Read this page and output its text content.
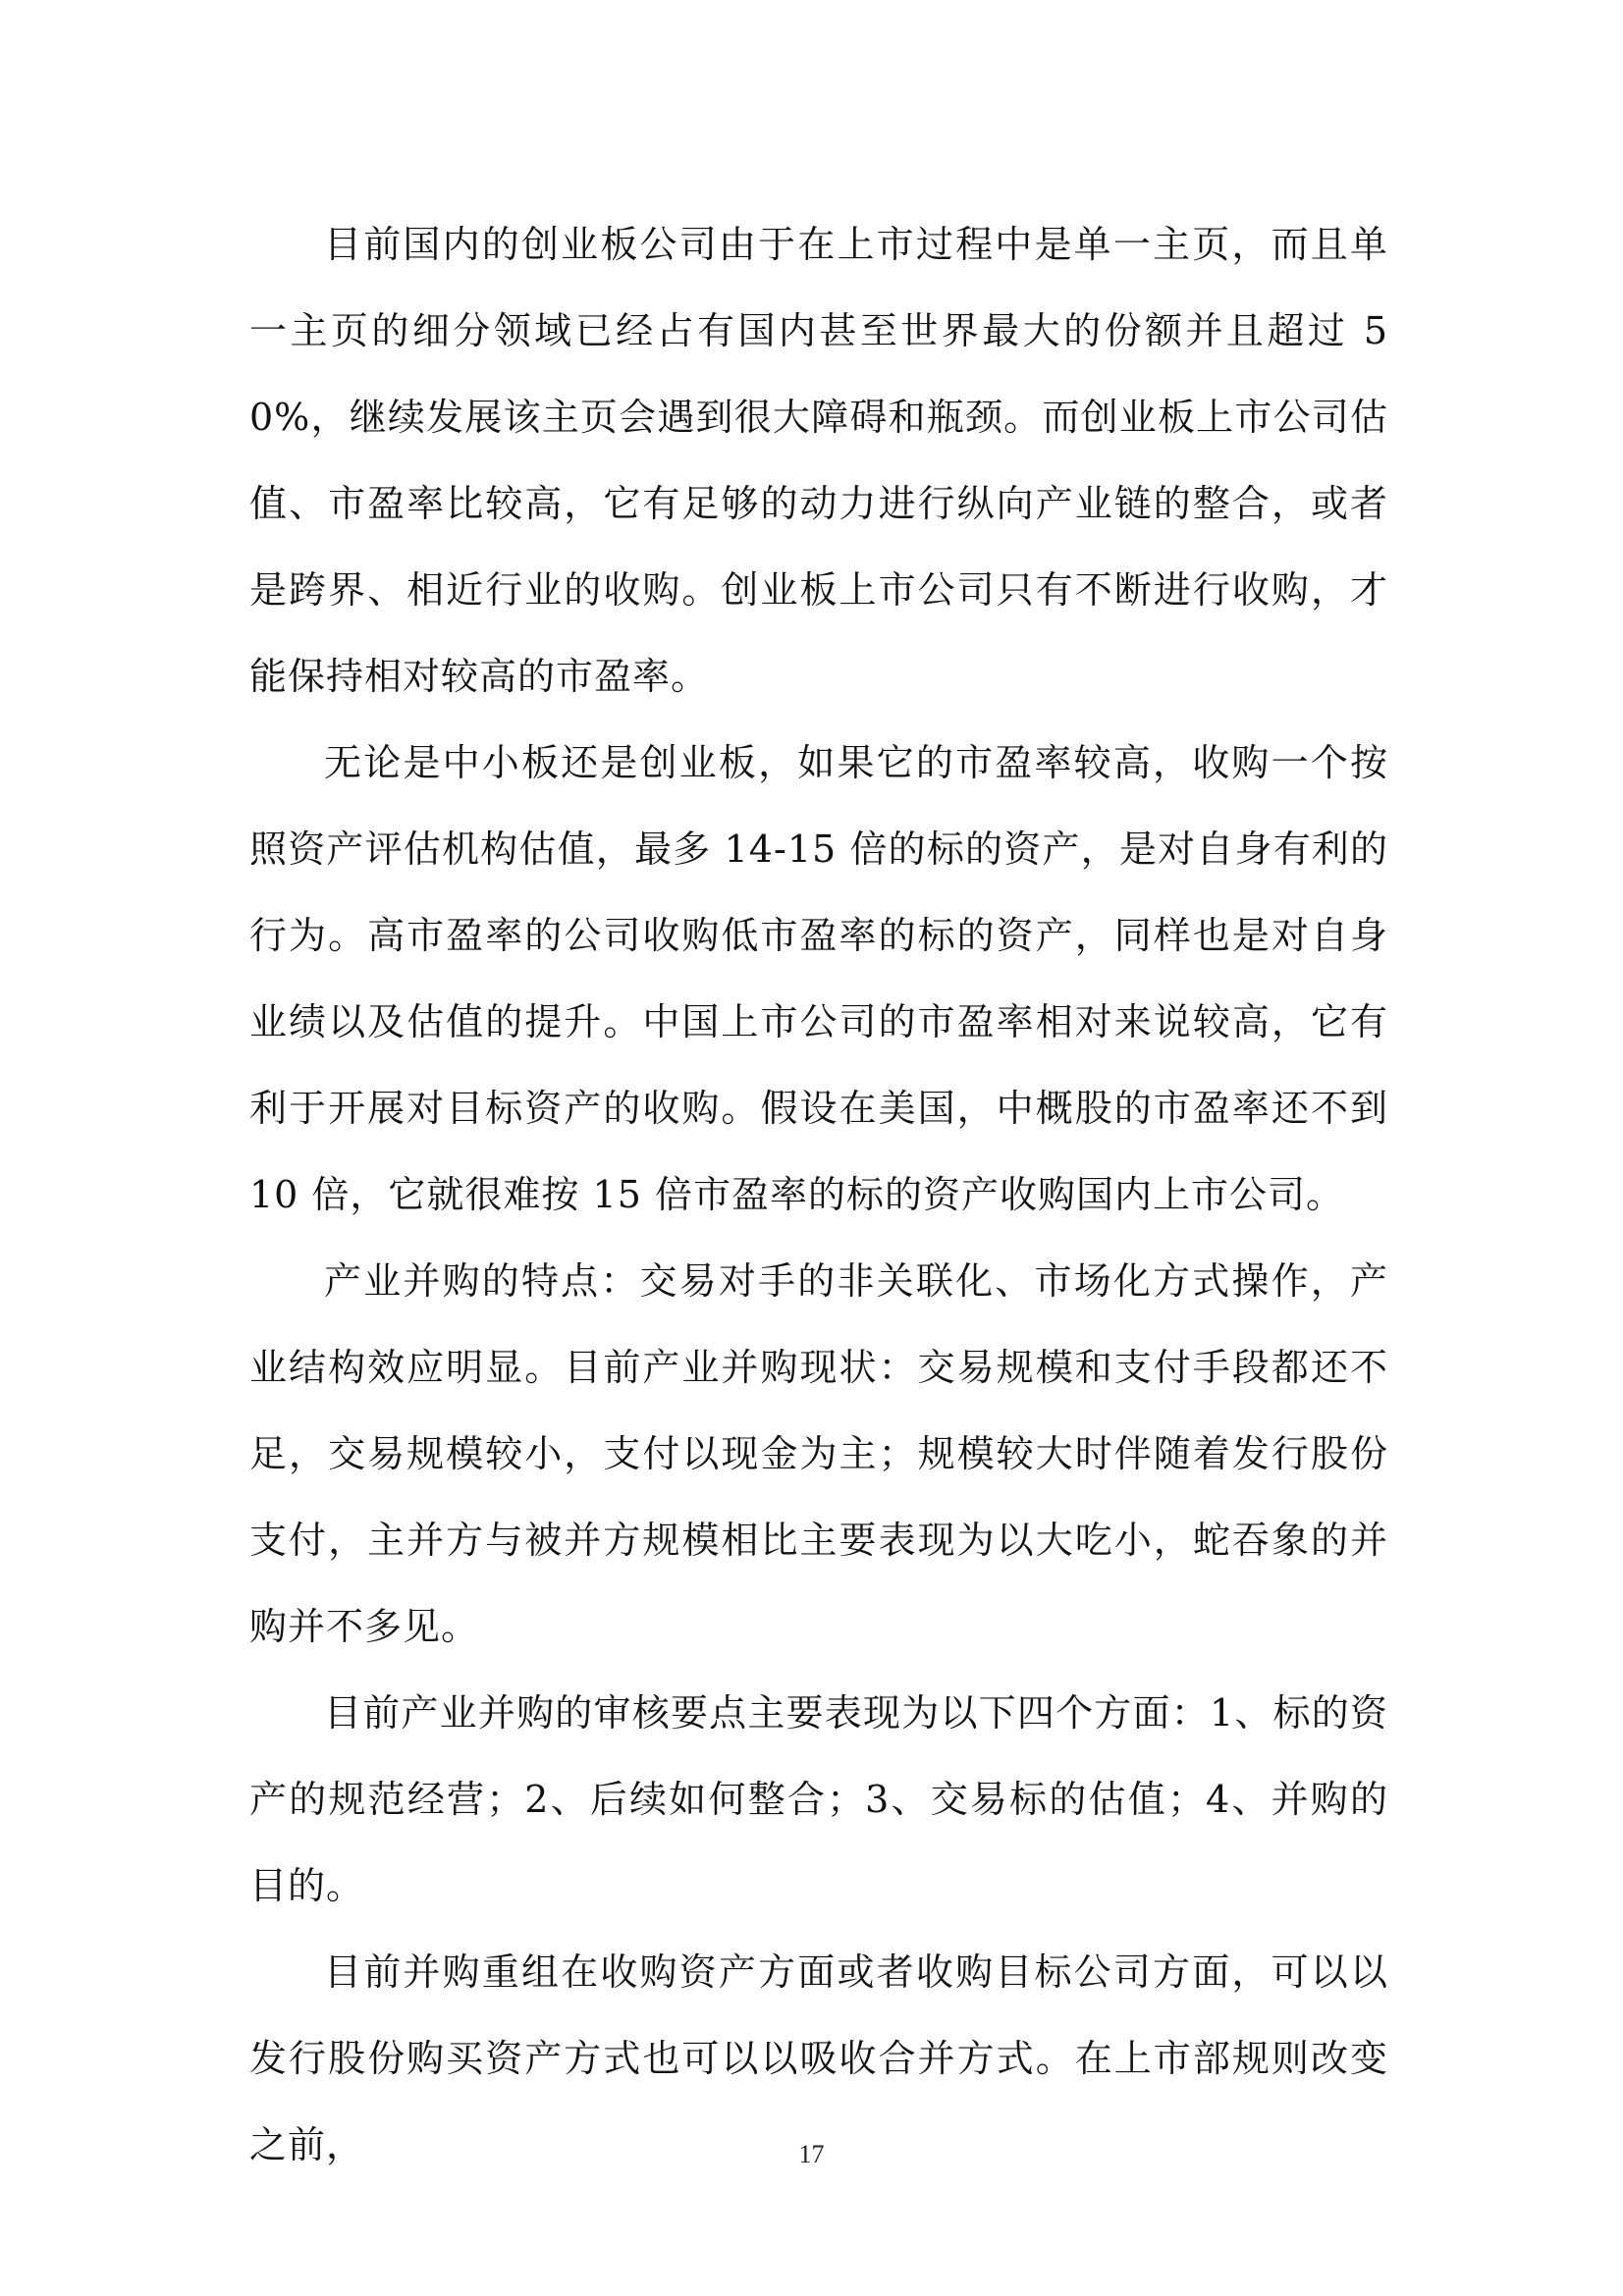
目前国内的创业板公司由于在上市过程中是单一主页，而且单一主页的细分领域已经占有国内甚至世界最大的份额并且超过 50%，继续发展该主页会遇到很大障碍和瓶颈。而创业板上市公司估值、市盈率比较高，它有足够的动力进行纵向产业链的整合，或者是跨界、相近行业的收购。创业板上市公司只有不断进行收购，才能保持相对较高的市盈率。

无论是中小板还是创业板，如果它的市盈率较高，收购一个按照资产评估机构估值，最多 14-15 倍的标的资产，是对自身有利的行为。高市盈率的公司收购低市盈率的标的资产，同样也是对自身业绩以及估值的提升。中国上市公司的市盈率相对来说较高，它有利于开展对目标资产的收购。假设在美国，中概股的市盈率还不到 10 倍，它就很难按 15 倍市盈率的标的资产收购国内上市公司。

产业并购的特点：交易对手的非关联化、市场化方式操作，产业结构效应明显。目前产业并购现状：交易规模和支付手段都还不足，交易规模较小，支付以现金为主；规模较大时伴随着发行股份支付，主并方与被并方规模相比主要表现为以大吃小，蛇吞象的并购并不多见。

目前产业并购的审核要点主要表现为以下四个方面：1、标的资产的规范经营；2、后续如何整合；3、交易标的估值；4、并购的目的。

目前并购重组在收购资产方面或者收购目标公司方面，可以以发行股份购买资产方式也可以以吸收合并方式。在上市部规则改变之前，	17
